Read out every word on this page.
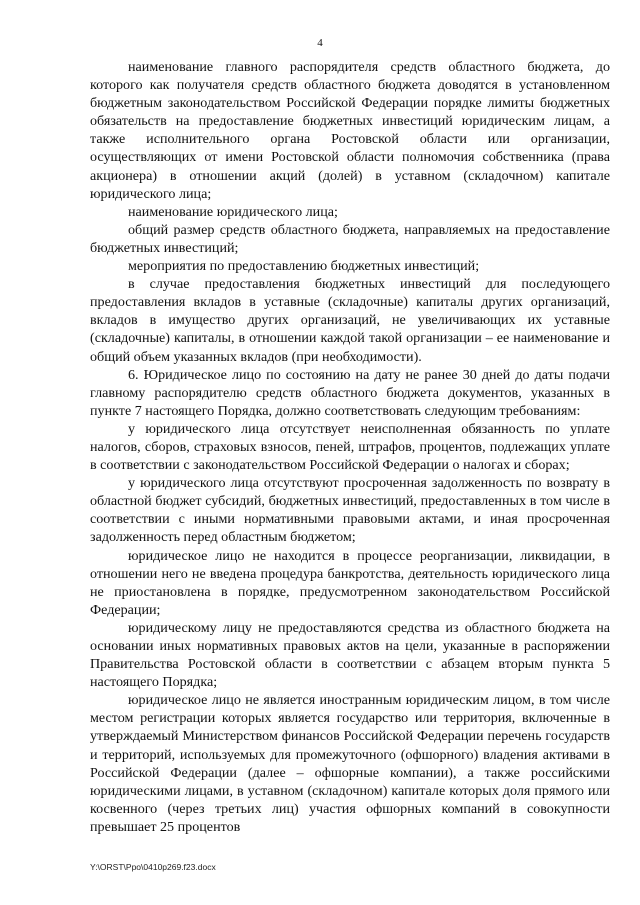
4

наименование главного распорядителя средств областного бюджета, до которого как получателя средств областного бюджета доводятся в установленном бюджетным законодательством Российской Федерации порядке лимиты бюджетных обязательств на предоставление бюджетных инвестиций юридическим лицам, а также исполнительного органа Ростовской области или организации, осуществляющих от имени Ростовской области полномочия собственника (права акционера) в отношении акций (долей) в уставном (складочном) капитале юридического лица;

наименование юридического лица;

общий размер средств областного бюджета, направляемых на предоставление бюджетных инвестиций;

мероприятия по предоставлению бюджетных инвестиций;

в случае предоставления бюджетных инвестиций для последующего предоставления вкладов в уставные (складочные) капиталы других организаций, вкладов в имущество других организаций, не увеличивающих их уставные (складочные) капиталы, в отношении каждой такой организации – ее наименование и общий объем указанных вкладов (при необходимости).

6. Юридическое лицо по состоянию на дату не ранее 30 дней до даты подачи главному распорядителю средств областного бюджета документов, указанных в пункте 7 настоящего Порядка, должно соответствовать следующим требованиям:

у юридического лица отсутствует неисполненная обязанность по уплате налогов, сборов, страховых взносов, пеней, штрафов, процентов, подлежащих уплате в соответствии с законодательством Российской Федерации о налогах и сборах;

у юридического лица отсутствуют просроченная задолженность по возврату в областной бюджет субсидий, бюджетных инвестиций, предоставленных в том числе в соответствии с иными нормативными правовыми актами, и иная просроченная задолженность перед областным бюджетом;

юридическое лицо не находится в процессе реорганизации, ликвидации, в отношении него не введена процедура банкротства, деятельность юридического лица не приостановлена в порядке, предусмотренном законодательством Российской Федерации;

юридическому лицу не предоставляются средства из областного бюджета на основании иных нормативных правовых актов на цели, указанные в распоряжении Правительства Ростовской области в соответствии с абзацем вторым пункта 5 настоящего Порядка;

юридическое лицо не является иностранным юридическим лицом, в том числе местом регистрации которых является государство или территория, включенные в утверждаемый Министерством финансов Российской Федерации перечень государств и территорий, используемых для промежуточного (офшорного) владения активами в Российской Федерации (далее – офшорные компании), а также российскими юридическими лицами, в уставном (складочном) капитале которых доля прямого или косвенного (через третьих лиц) участия офшорных компаний в совокупности превышает 25 процентов

Y:\ORST\Ppo\0410p269.f23.docx
